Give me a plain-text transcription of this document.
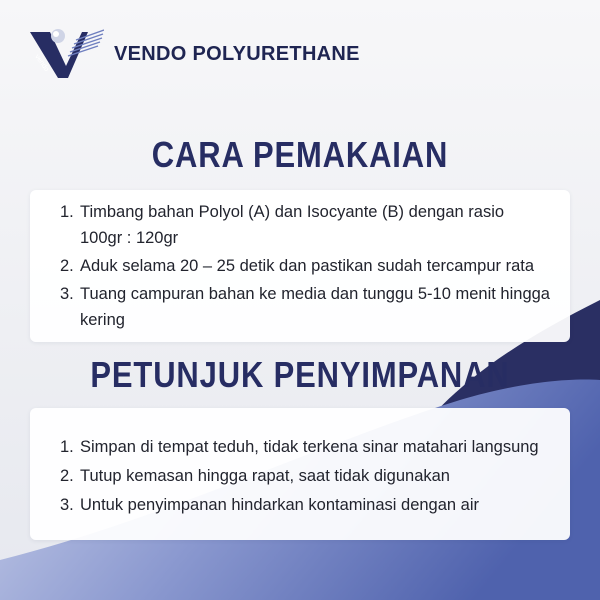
vendo	VENDO POLYURETHANE
CARA PEMAKAIAN
1. Timbang bahan Polyol (A) dan Isocyante (B) dengan rasio 100gr : 120gr
2. Aduk selama 20 – 25 detik dan pastikan sudah tercampur rata
3. Tuang campuran bahan ke media dan tunggu 5-10 menit hingga kering
PETUNJUK PENYIMPANAN
1. Simpan di tempat teduh, tidak terkena sinar matahari langsung
2. Tutup kemasan hingga rapat, saat tidak digunakan
3. Untuk penyimpanan hindarkan kontaminasi dengan air
